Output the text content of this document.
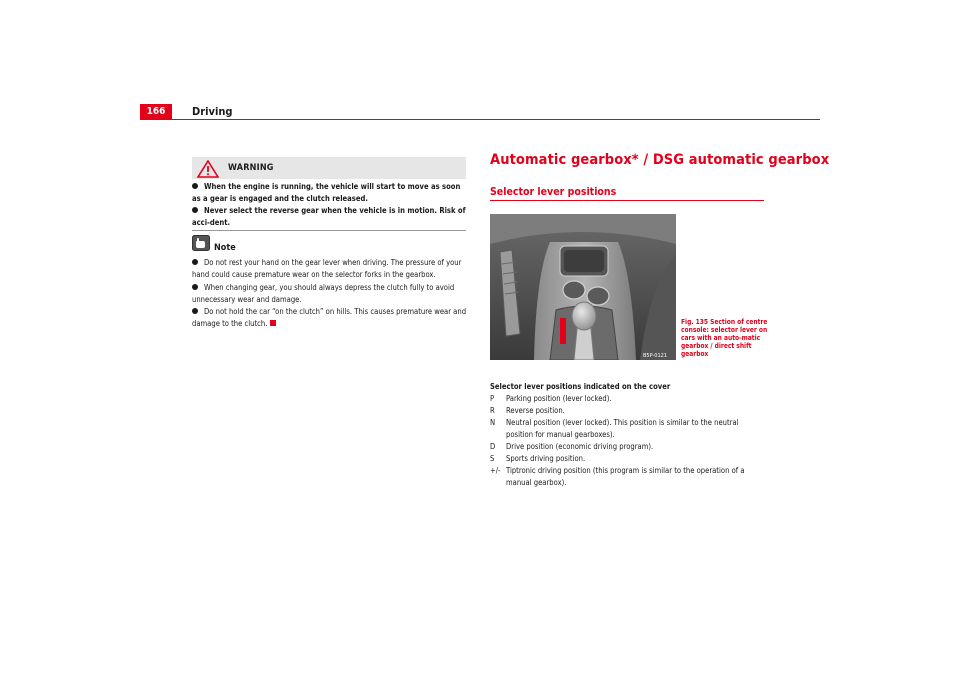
166	Driving
WARNING
When the engine is running, the vehicle will start to move as soon as a gear is engaged and the clutch released.
Never select the reverse gear when the vehicle is in motion. Risk of acci-dent.
Note
Do not rest your hand on the gear lever when driving. The pressure of your hand could cause premature wear on the selector forks in the gearbox.
When changing gear, you should always depress the clutch fully to avoid unnecessary wear and damage.
Do not hold the car “on the clutch” on hills. This causes premature wear and damage to the clutch.
Automatic gearbox* / DSG automatic gearbox
Selector lever positions
B5P-0121
Fig. 135 Section of centre console: selector lever on cars with an auto-matic gearbox / direct shift gearbox
Selector lever positions indicated on the cover
P	Parking position (lever locked).
R	Reverse position.
N	Neutral position (lever locked). This position is similar to the neutral position for manual gearboxes).
D	Drive position (economic driving program).
S	Sports driving position.
+/- Tiptronic driving position (this program is similar to the operation of a manual gearbox).
